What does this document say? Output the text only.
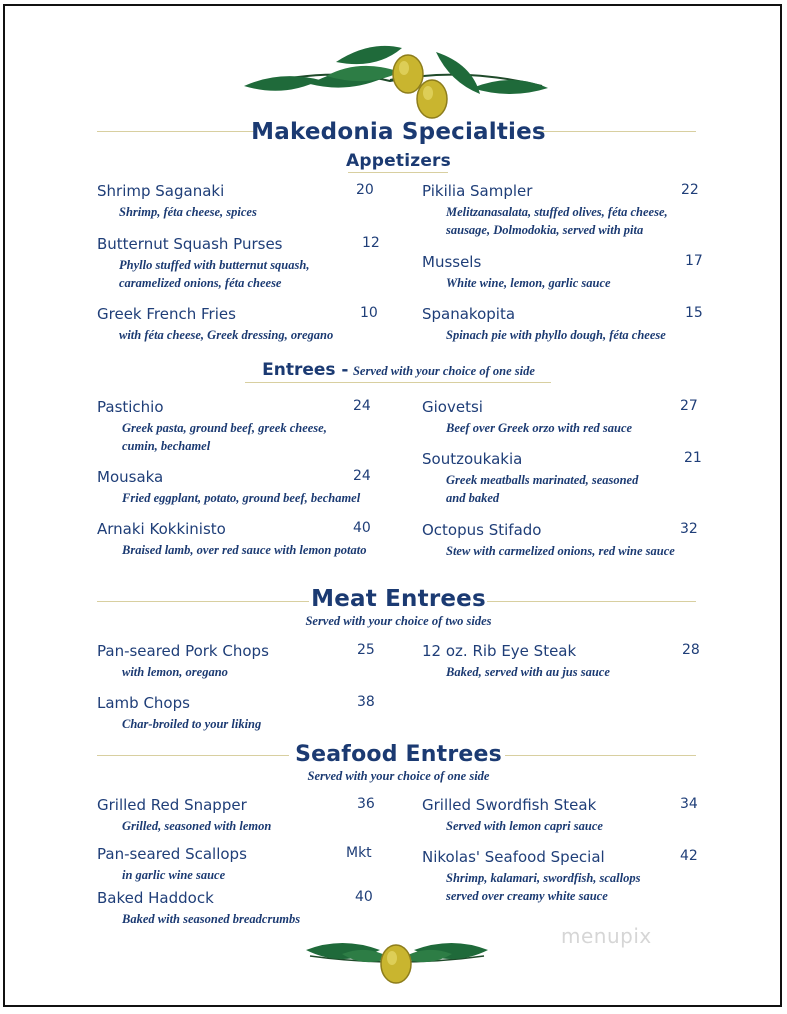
Makedonia Specialties
Appetizers
Shrimp Saganaki	20
Shrimp, féta cheese, spices
Butternut Squash Purses	12
Phyllo stuffed with butternut squash,
caramelized onions, féta cheese
Greek French Fries	10
with féta cheese, Greek dressing, oregano
Pikilia Sampler	22
Melitzanasalata, stuffed olives, féta cheese,
sausage, Dolmodokia, served with pita
Mussels	17
White wine, lemon, garlic sauce
Spanakopita	15
Spinach pie with phyllo dough, féta cheese
Entrees - Served with your choice of one side
Pastichio	24
Greek pasta, ground beef, greek cheese,
cumin, bechamel
Mousaka	24
Fried eggplant, potato, ground beef, bechamel
Arnaki Kokkinisto	40
Braised lamb, over red sauce with lemon potato
Giovetsi	27
Beef over Greek orzo with red sauce
Soutzoukakia	21
Greek meatballs marinated, seasoned
and baked
Octopus Stifado	32
Stew with carmelized onions, red wine sauce
Meat Entrees
Served with your choice of two sides
Pan-seared Pork Chops	25
with lemon, oregano
Lamb Chops	38
Char-broiled to your liking
12 oz. Rib Eye Steak	28
Baked, served with au jus sauce
Seafood Entrees
Served with your choice of one side
Grilled Red Snapper	36
Grilled, seasoned with lemon
Pan-seared Scallops	Mkt
in garlic wine sauce
Baked Haddock	40
Baked with seasoned breadcrumbs
Grilled Swordfish Steak	34
Served with lemon capri sauce
Nikolas' Seafood Special	42
Shrimp, kalamari, swordfish, scallops
served over creamy white sauce
menupix
